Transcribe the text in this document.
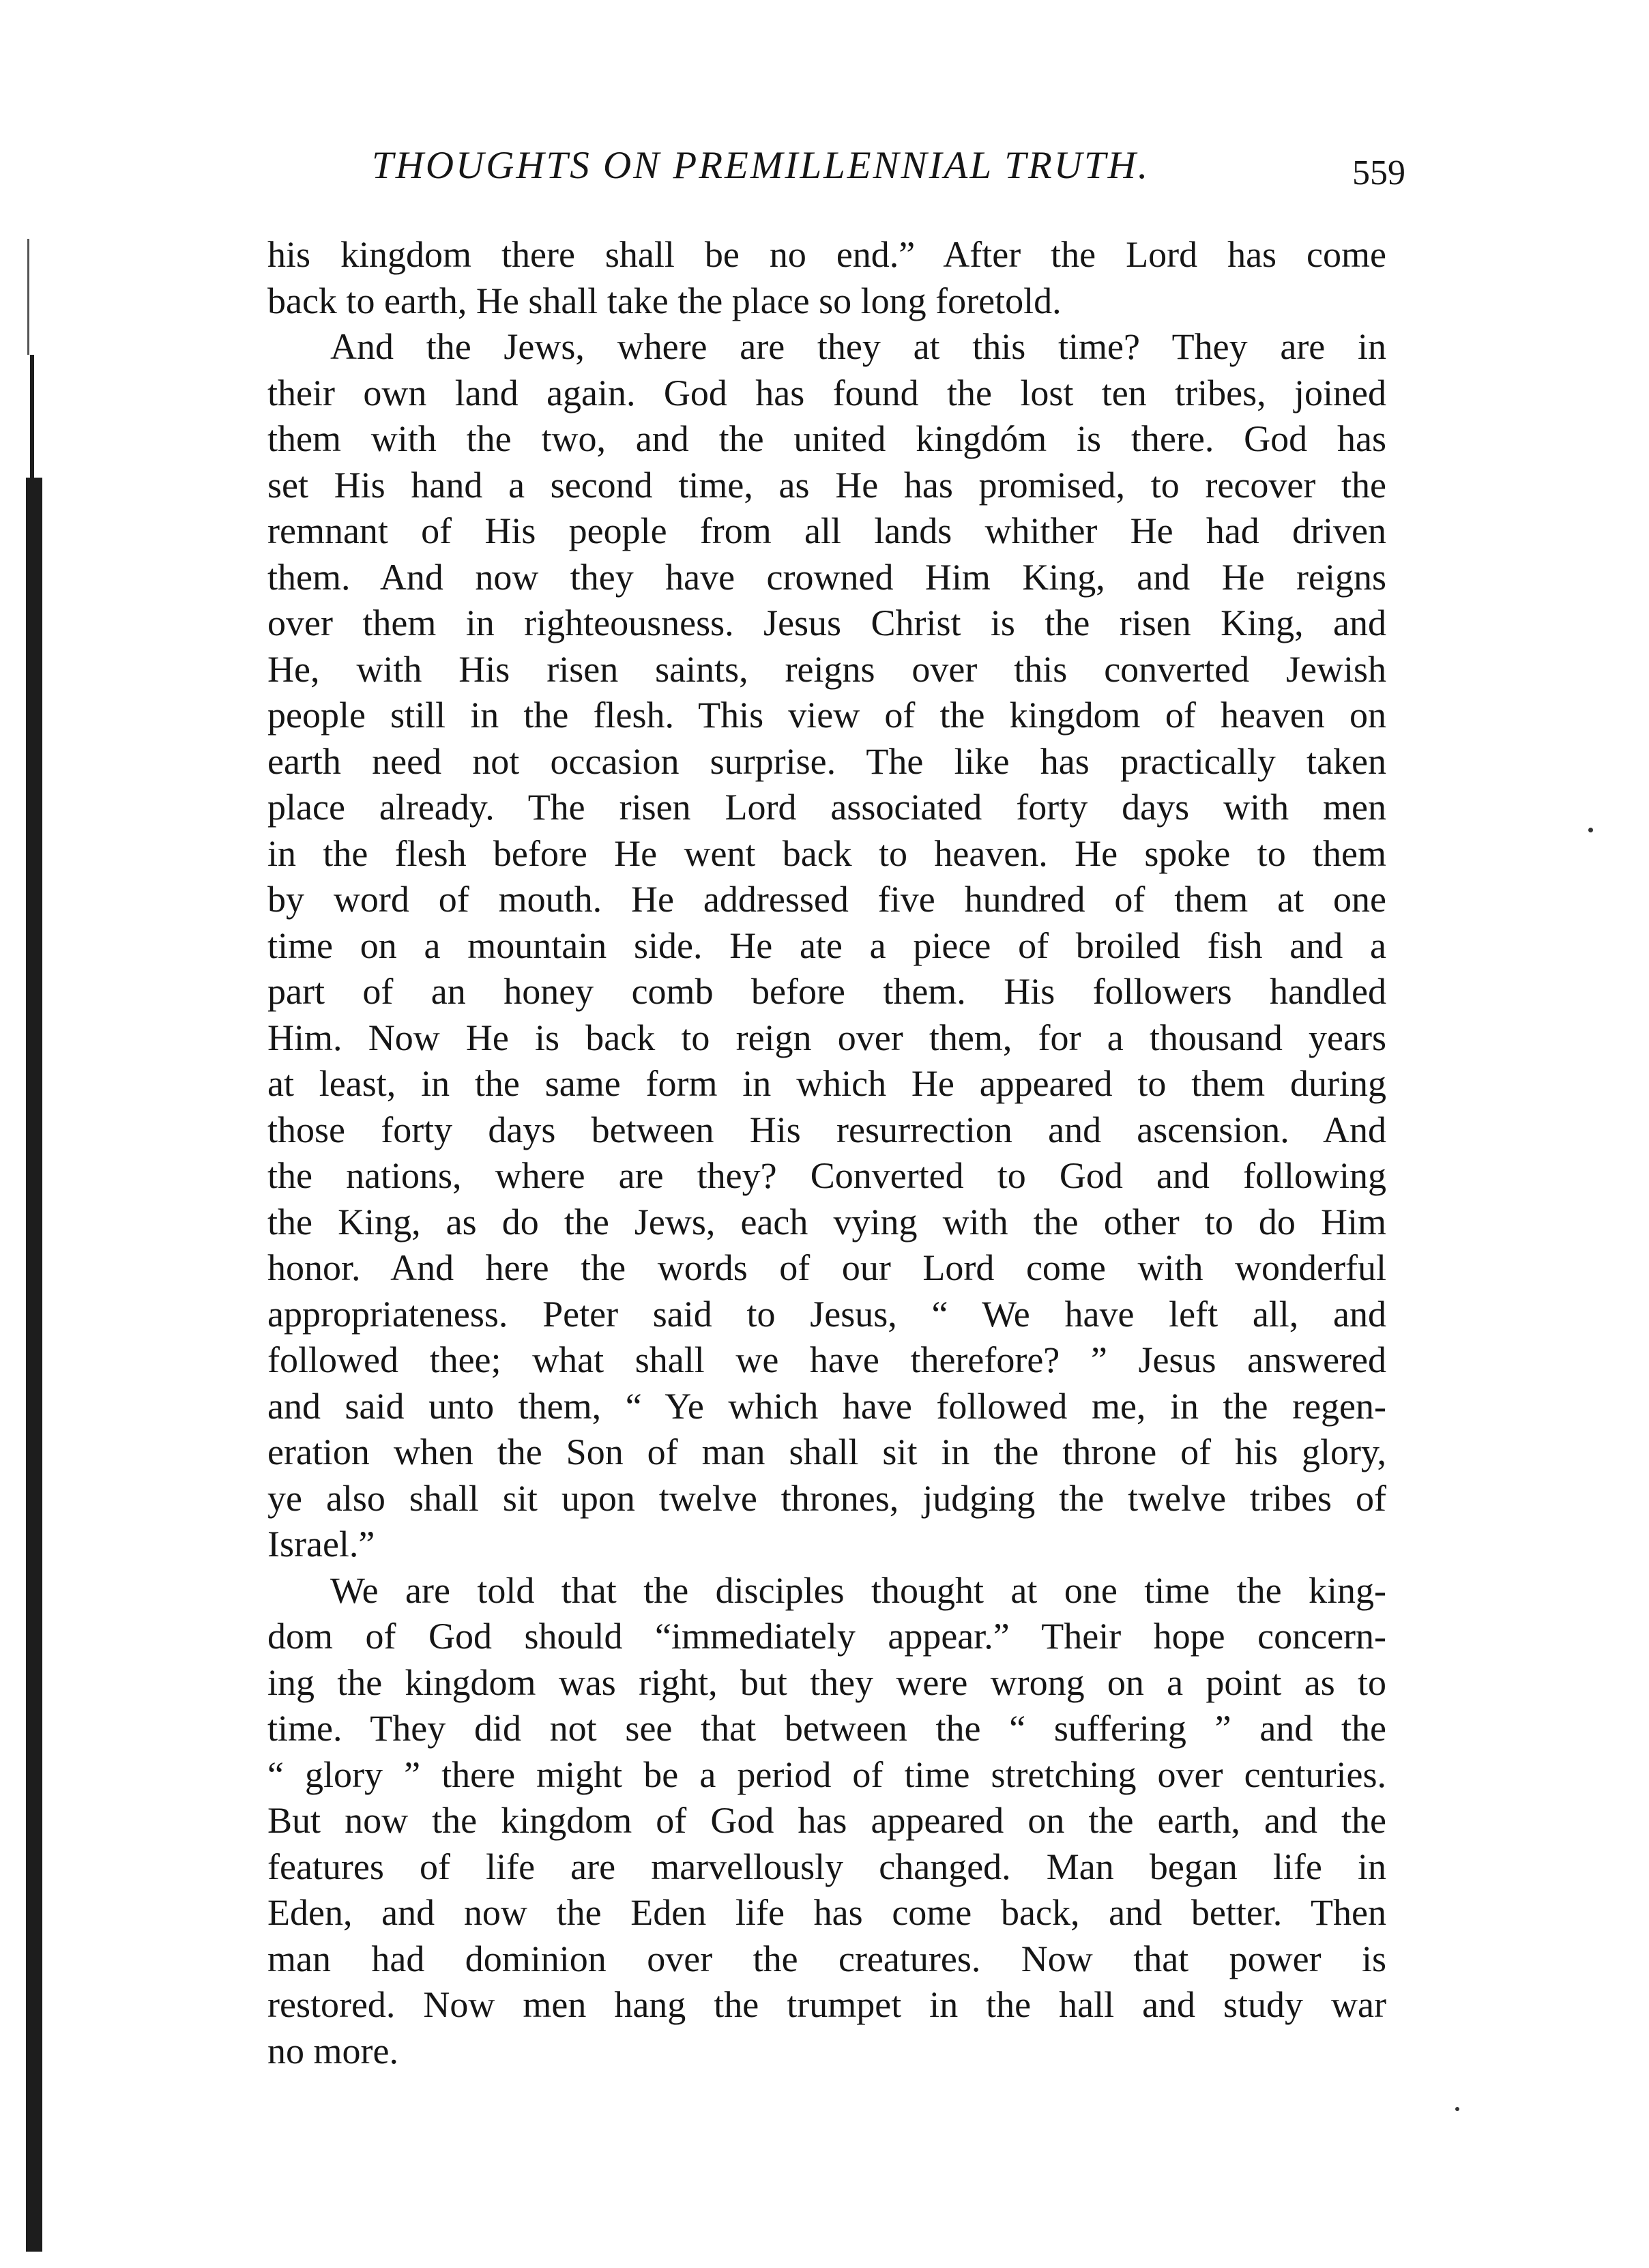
THOUGHTS ON PREMILLENNIAL TRUTH.	559

his kingdom there shall be no end.” After the Lord has come
back to earth, He shall take the place so long foretold.

And the Jews, where are they at this time? They are in
their own land again. God has found the lost ten tribes, joined
them with the two, and the united kingdóm is there. God has
set His hand a second time, as He has promised, to recover the
remnant of His people from all lands whither He had driven
them. And now they have crowned Him King, and He reigns
over them in righteousness. Jesus Christ is the risen King, and
He, with His risen saints, reigns over this converted Jewish
people still in the flesh. This view of the kingdom of heaven on
earth need not occasion surprise. The like has practically taken
place already. The risen Lord associated forty days with men
in the flesh before He went back to heaven. He spoke to them
by word of mouth. He addressed five hundred of them at one
time on a mountain side. He ate a piece of broiled fish and a
part of an honey comb before them. His followers handled
Him. Now He is back to reign over them, for a thousand years
at least, in the same form in which He appeared to them during
those forty days between His resurrection and ascension. And
the nations, where are they? Converted to God and following
the King, as do the Jews, each vying with the other to do Him
honor. And here the words of our Lord come with wonderful
appropriateness. Peter said to Jesus, “ We have left all, and
followed thee; what shall we have therefore? ” Jesus answered
and said unto them, “ Ye which have followed me, in the regen-
eration when the Son of man shall sit in the throne of his glory,
ye also shall sit upon twelve thrones, judging the twelve tribes of
Israel.”

We are told that the disciples thought at one time the king-
dom of God should “immediately appear.” Their hope concern-
ing the kingdom was right, but they were wrong on a point as to
time. They did not see that between the “ suffering ” and the
“ glory ” there might be a period of time stretching over centuries.
But now the kingdom of God has appeared on the earth, and the
features of life are marvellously changed. Man began life in
Eden, and now the Eden life has come back, and better. Then
man had dominion over the creatures. Now that power is
restored. Now men hang the trumpet in the hall and study war
no more.
